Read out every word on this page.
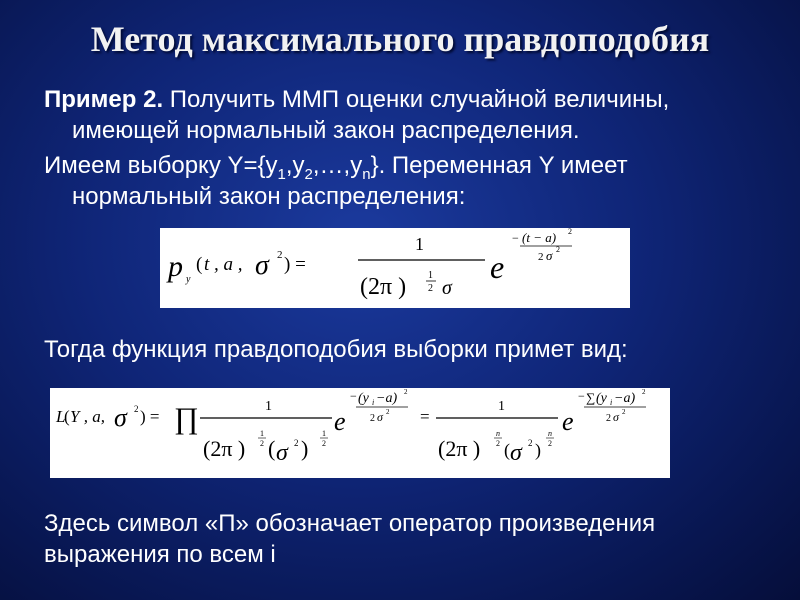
Метод максимального правдоподобия
Пример 2. Получить ММП оценки случайной величины,
имеющей нормальный закон распределения.
Имеем выборку $Y=\{y_1,y_2,\dots,y_n\}$. Переменная Y имеет
нормальный закон распределения:
p y
( t , a , σ 2 ) =
1
(2π ) 1
2 σ
e
− (t − a) 2
2 σ 2
Тогда функция правдоподобия выборки примет вид:
L
( Y , a, σ 2 ) = ∏	1
(2π )
1
2 ( σ 2 )
1
2
e
− (y i −a) 2
2 σ 2 =
1
(2π )
n
2 ( σ 2 )
n
2
e
− ∑ (y i −a) 2
2 σ 2
Здесь символ «П» обозначает оператор произведения
выражения по всем i
